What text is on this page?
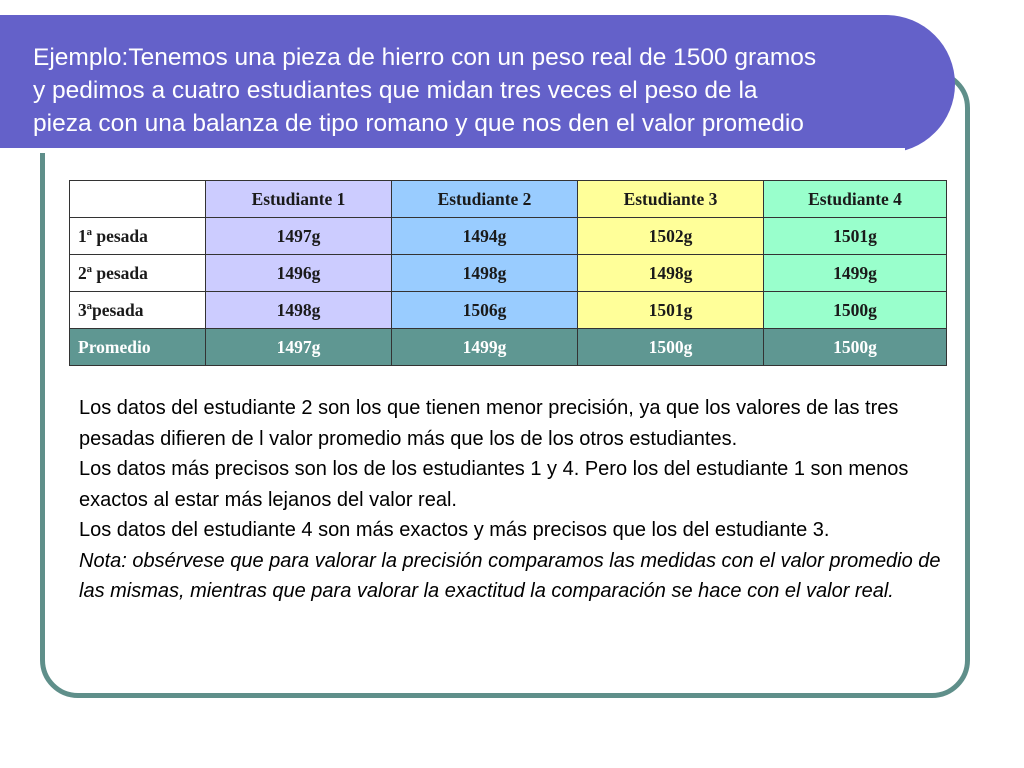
Ejemplo:Tenemos una pieza de hierro con un peso real de 1500 gramos
y pedimos a cuatro estudiantes que midan tres veces el peso de la
pieza con una balanza de tipo romano y que nos den el valor promedio
	Estudiante 1	Estudiante 2	Estudiante 3	Estudiante 4
1ª pesada	1497g	1494g	1502g	1501g
2ª pesada	1496g	1498g	1498g	1499g
3ªpesada	1498g	1506g	1501g	1500g
Promedio	1497g	1499g	1500g	1500g

Los datos del estudiante 2 son los que tienen menor precisión, ya que los valores de las tres pesadas difieren de l valor promedio más que los de los otros estudiantes.

Los datos más precisos son los de los estudiantes 1 y 4. Pero los del estudiante 1 son menos exactos al estar más lejanos del valor real.

Los datos del estudiante 4 son más exactos y más precisos que los del estudiante 3.

Nota: obsérvese que para valorar la precisión comparamos las medidas con el valor promedio de las mismas, mientras que para valorar la exactitud la comparación se hace con el valor real.
